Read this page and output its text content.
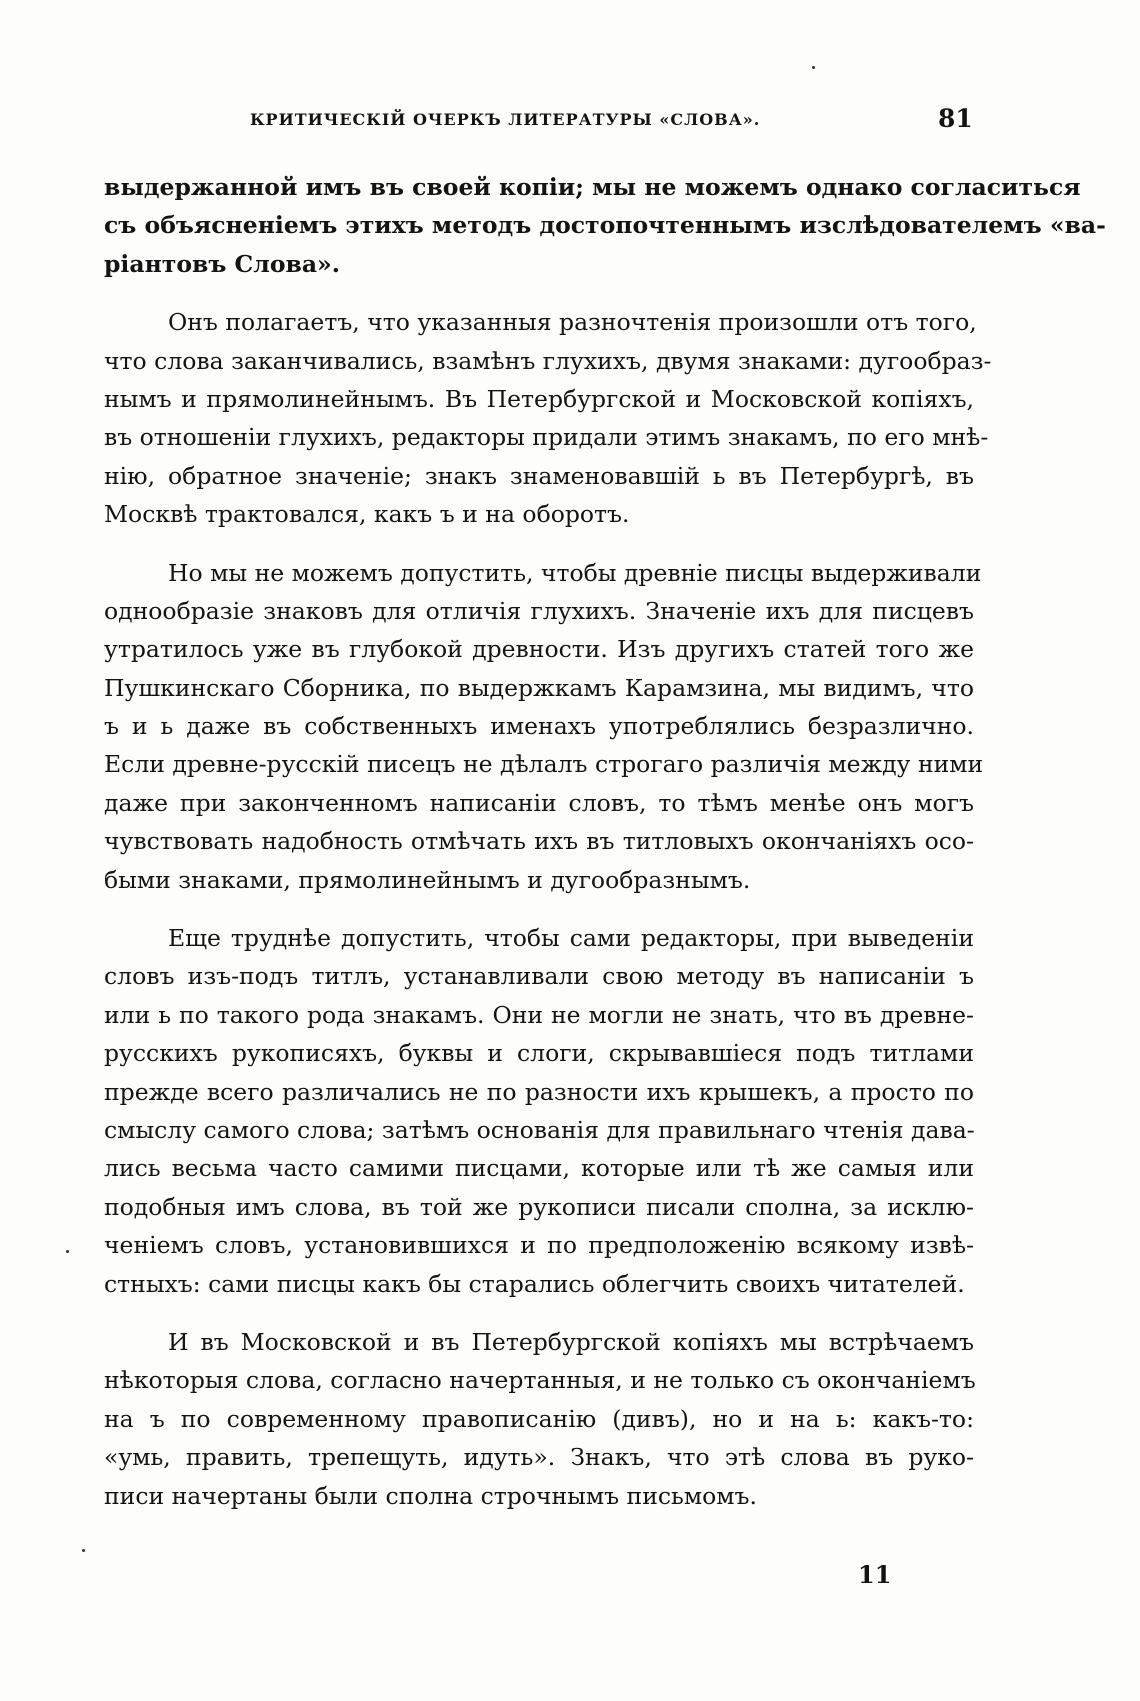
КРИТИЧЕСКІЙ ОЧЕРКЪ ЛИТЕРАТУРЫ «СЛОВА».	81
выдержанной имъ въ своей копіи; мы не можемъ однако согласиться
съ объясненіемъ этихъ методъ достопочтеннымъ изслѣдователемъ «ва-
ріантовъ Слова».
Онъ полагаетъ, что указанныя разночтенія произошли отъ того,
что слова заканчивались, взамѣнъ глухихъ, двумя знаками: дугообраз-
нымъ и прямолинейнымъ. Въ Петербургской и Московской копіяхъ,
въ отношеніи глухихъ, редакторы придали этимъ знакамъ, по его мнѣ-
нію, обратное значеніе; знакъ знаменовавшій ь въ Петербургѣ, въ
Москвѣ трактовался, какъ ъ и на оборотъ.
Но мы не можемъ допустить, чтобы древніе писцы выдерживали
однообразіе знаковъ для отличія глухихъ. Значеніе ихъ для писцевъ
утратилось уже въ глубокой древности. Изъ другихъ статей того же
Пушкинскаго Сборника, по выдержкамъ Карамзина, мы видимъ, что
ъ и ь даже въ собственныхъ именахъ употреблялись безразлично.
Если древне-русскій писецъ не дѣлалъ строгаго различія между ними
даже при законченномъ написаніи словъ, то тѣмъ менѣе онъ могъ
чувствовать надобность отмѣчать ихъ въ титловыхъ окончаніяхъ осо-
быми знаками, прямолинейнымъ и дугообразнымъ.
Еще труднѣе допустить, чтобы сами редакторы, при выведеніи
словъ изъ-подъ титлъ, устанавливали свою методу въ написаніи ъ
или ь по такого рода знакамъ. Они не могли не знать, что въ древне-
русскихъ рукописяхъ, буквы и слоги, скрывавшіеся подъ титлами
прежде всего различались не по разности ихъ крышекъ, а просто по
смыслу самого слова; затѣмъ основанія для правильнаго чтенія дава-
лись весьма часто самими писцами, которые или тѣ же самыя или
подобныя имъ слова, въ той же рукописи писали сполна, за исклю-
ченіемъ словъ, установившихся и по предположенію всякому извѣ-
стныхъ: сами писцы какъ бы старались облегчить своихъ читателей.
И въ Московской и въ Петербургской копіяхъ мы встрѣчаемъ
нѣкоторыя слова, согласно начертанныя, и не только съ окончаніемъ
на ъ по современному правописанію (дивъ), но и на ь: какъ-то:
«умь, править, трепещуть, идуть». Знакъ, что этѣ слова въ руко-
писи начертаны были сполна строчнымъ письмомъ.
11
